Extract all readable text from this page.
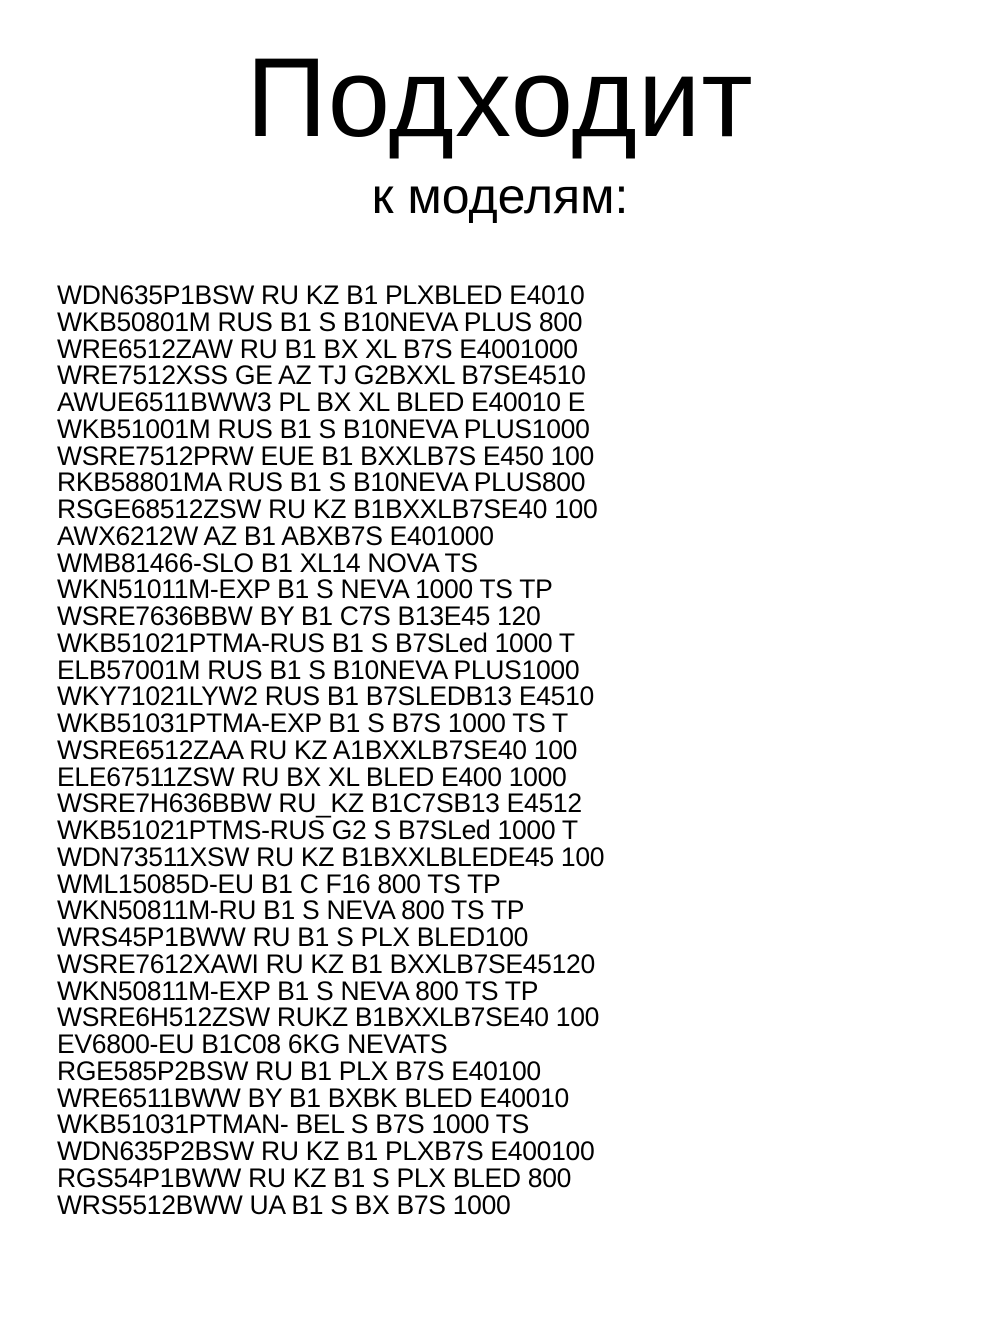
Подходит
к моделям:
WDN635P1BSW RU KZ B1 PLXBLED E4010
WKB50801M RUS B1 S B10NEVA PLUS 800
WRE6512ZAW RU B1 BX XL B7S E4001000
WRE7512XSS GE AZ TJ G2BXXL B7SE4510
AWUE6511BWW3 PL BX XL BLED E40010 E
WKB51001M RUS B1 S B10NEVA PLUS1000
WSRE7512PRW EUE B1 BXXLB7S E450 100
RKB58801MA RUS B1 S B10NEVA PLUS800
RSGE68512ZSW RU KZ B1BXXLB7SE40 100
AWX6212W AZ B1 ABXB7S E401000
WMB81466-SLO B1 XL14 NOVA TS
WKN51011M-EXP B1 S NEVA 1000 TS TP
WSRE7636BBW BY B1 C7S B13E45 120
WKB51021PTMA-RUS B1 S B7SLed 1000 T
ELB57001M RUS B1 S B10NEVA PLUS1000
WKY71021LYW2 RUS B1 B7SLEDB13 E4510
WKB51031PTMA-EXP B1 S B7S 1000 TS T
WSRE6512ZAA RU KZ A1BXXLB7SE40 100
ELE67511ZSW RU BX XL BLED E400 1000
WSRE7H636BBW RU_KZ B1C7SB13 E4512
WKB51021PTMS-RUS G2 S B7SLed 1000 T
WDN73511XSW RU KZ B1BXXLBLEDE45 100
WML15085D-EU B1 C F16 800 TS TP
WKN50811M-RU B1 S NEVA 800 TS TP
WRS45P1BWW RU B1 S PLX BLED100
WSRE7612XAWI RU KZ B1 BXXLB7SE45120
WKN50811M-EXP B1 S NEVA 800 TS TP
WSRE6H512ZSW RUKZ B1BXXLB7SE40 100
EV6800-EU B1C08 6KG NEVATS
RGE585P2BSW RU B1 PLX B7S E40100
WRE6511BWW BY B1 BXBK BLED E40010
WKB51031PTMAN- BEL S B7S 1000 TS
WDN635P2BSW RU KZ B1 PLXB7S E400100
RGS54P1BWW RU KZ B1 S PLX BLED 800
WRS5512BWW UA B1 S BX B7S 1000
